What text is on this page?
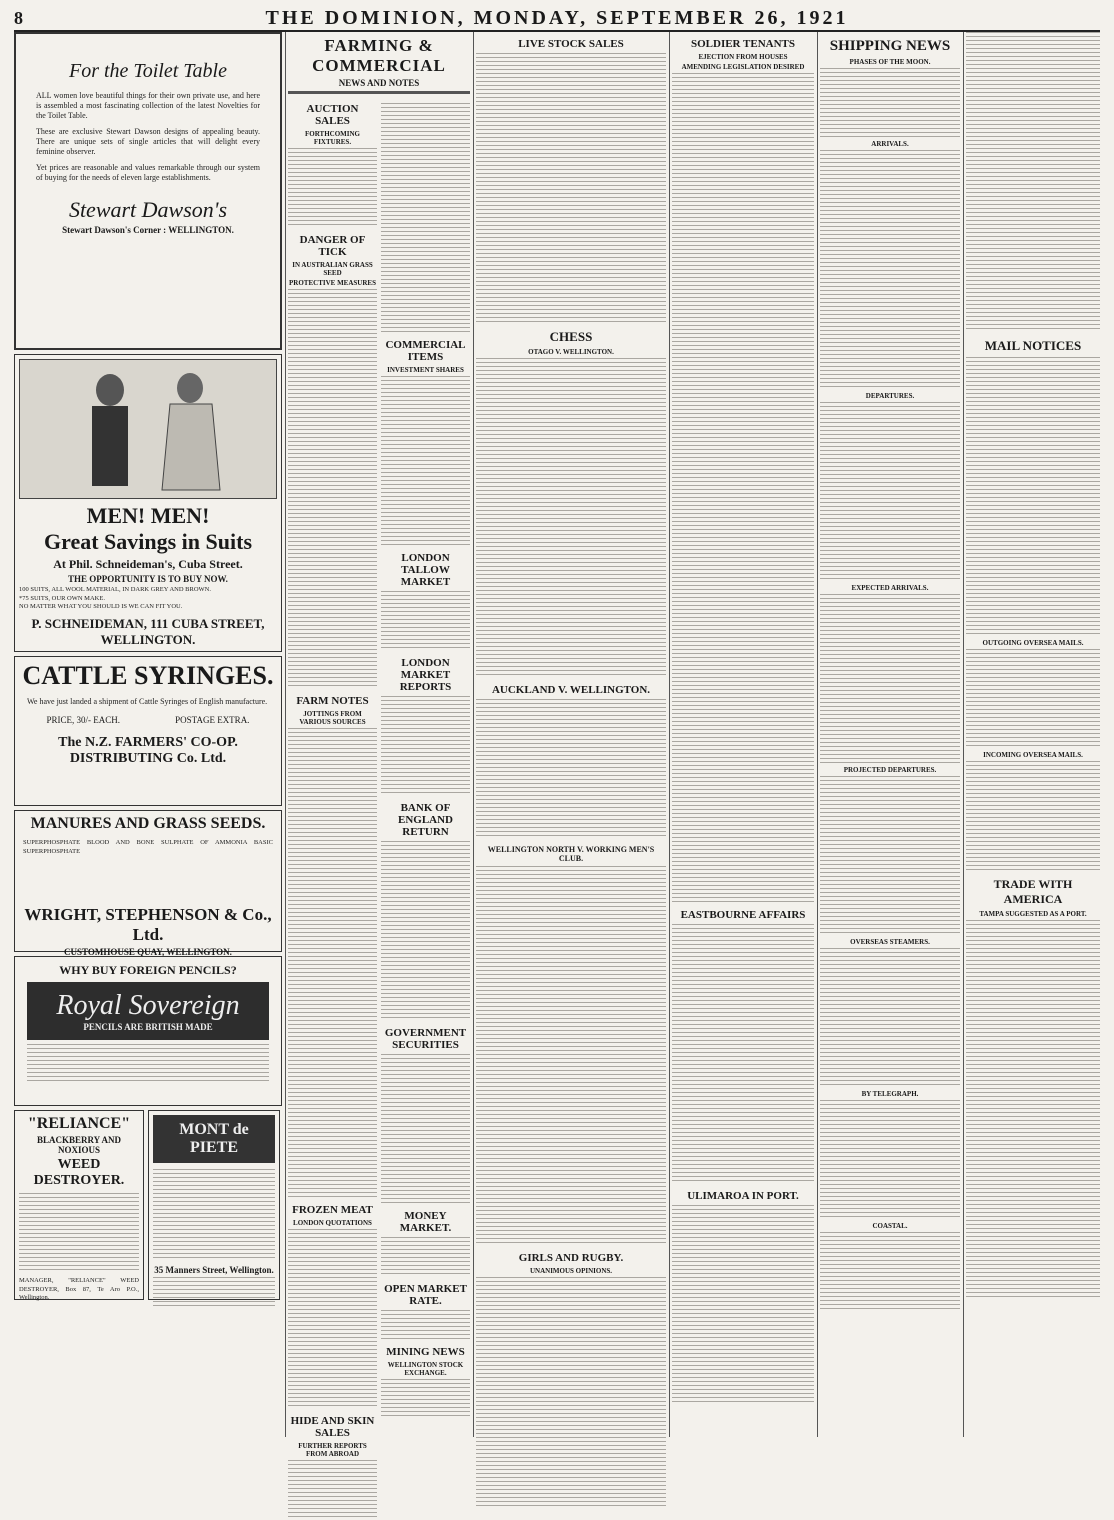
8	THE DOMINION, MONDAY, SEPTEMBER 26, 1921
For the Toilet Table
ALL women love beautiful things for their own private use, and here is assembled a most fascinating collection of the latest Novelties for the Toilet Table.
These are exclusive Stewart Dawson designs of appealing beauty. There are unique sets of single articles that will delight every feminine observer.
Yet prices are reasonable and values remarkable through our system of buying for the needs of eleven large establishments.
Stewart Dawson's
Stewart Dawson's Corner : WELLINGTON.
MEN! MEN!
Great Savings in Suits
At Phil. Schneideman's, Cuba Street.
THE OPPORTUNITY IS TO BUY NOW.
100 SUITS, ALL WOOL MATERIAL, IN DARK GREY AND BROWN.
*75 SUITS, OUR OWN MAKE.
NO MATTER WHAT YOU SHOULD IS WE CAN FIT YOU.
P. SCHNEIDEMAN, 111 CUBA STREET, WELLINGTON.
CATTLE SYRINGES.
We have just landed a shipment of Cattle Syringes of English manufacture.
PRICE, 30/- EACH.	POSTAGE EXTRA.
The N.Z. FARMERS' CO-OP. DISTRIBUTING Co. Ltd.
MANURES AND GRASS SEEDS.
SUPERPHOSPHATE BLOOD AND BONE SULPHATE OF AMMONIA BASIC SUPERPHOSPHATE
WRIGHT, STEPHENSON & Co., Ltd.
CUSTOMHOUSE QUAY, WELLINGTON.
WHY BUY FOREIGN PENCILS?
Royal Sovereign
PENCILS ARE BRITISH MADE
"RELIANCE"
BLACKBERRY AND NOXIOUS
WEED DESTROYER.
MANAGER, "RELIANCE" WEED DESTROYER, Box 87, Te Aro P.O., Wellington.
MONT de PIETE
35 Manners Street, Wellington.
FARMING & COMMERCIAL
NEWS AND NOTES
AUCTION SALES
FORTHCOMING FIXTURES.
DANGER OF TICK
IN AUSTRALIAN GRASS SEED
PROTECTIVE MEASURES
FARM NOTES
JOTTINGS FROM VARIOUS SOURCES
FROZEN MEAT
LONDON QUOTATIONS
HIDE AND SKIN SALES
FURTHER REPORTS FROM ABROAD
COMMERCIAL ITEMS
INVESTMENT SHARES
LONDON TALLOW MARKET
LONDON MARKET REPORTS
BANK OF ENGLAND RETURN
GOVERNMENT SECURITIES
MONEY MARKET.
OPEN MARKET RATE.
MINING NEWS
WELLINGTON STOCK EXCHANGE.
LIVE STOCK SALES
CHESS
OTAGO V. WELLINGTON.
AUCKLAND V. WELLINGTON.
WELLINGTON NORTH V. WORKING MEN'S CLUB.
GIRLS AND RUGBY.
UNANIMOUS OPINIONS.
SOLDIER TENANTS
EJECTION FROM HOUSES
AMENDING LEGISLATION DESIRED
EASTBOURNE AFFAIRS
ULIMAROA IN PORT.
SHIPPING NEWS
PHASES OF THE MOON.
ARRIVALS.
DEPARTURES.
EXPECTED ARRIVALS.
PROJECTED DEPARTURES.
OVERSEAS STEAMERS.
BY TELEGRAPH.
COASTAL.
MAIL NOTICES
OUTGOING OVERSEA MAILS.
INCOMING OVERSEA MAILS.
TRADE WITH AMERICA
TAMPA SUGGESTED AS A PORT.
